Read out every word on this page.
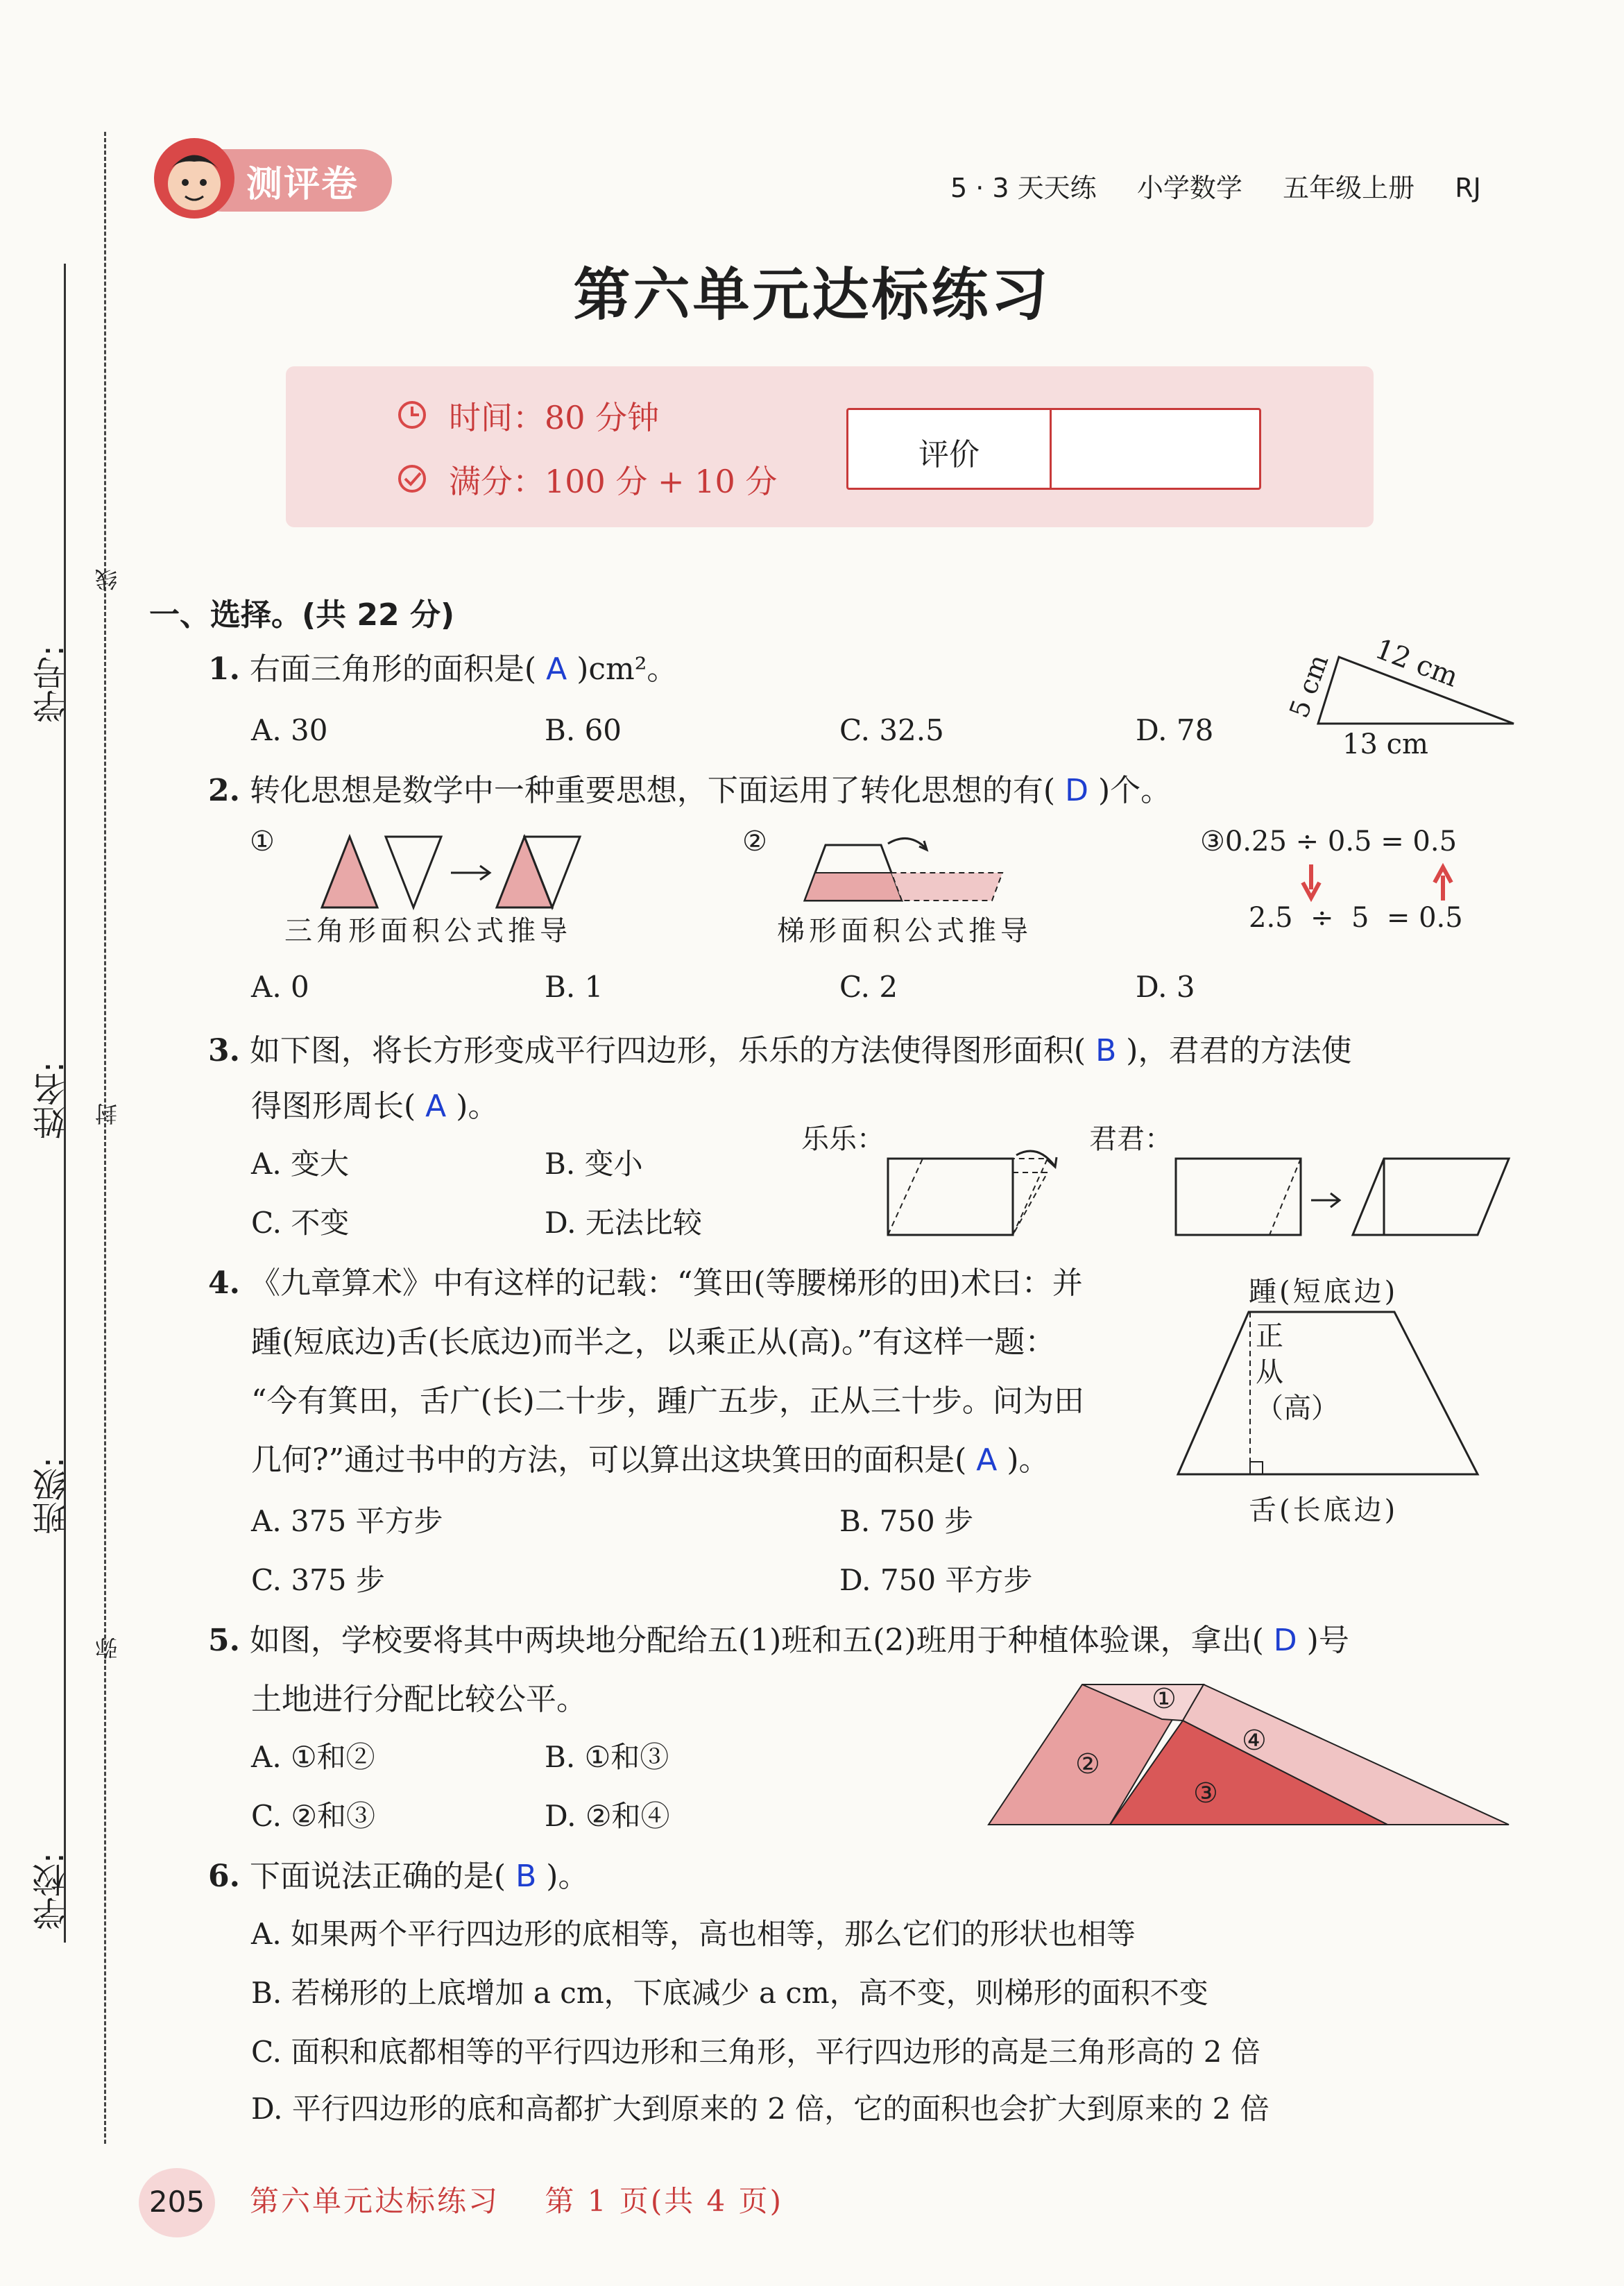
线
封
弥
学号:
姓名:
班级:
学校:
测评卷	5 · 3 天天练 小学数学 五年级上册 RJ
第六单元达标练习
时间：80 分钟
满分：100 分 + 10 分
评价
一、选择。(共 22 分)
1. 右面三角形的面积是( A )cm²。
A. 30	B. 60	C. 32.5	D. 78
5 cm 12 cm
13 cm
2. 转化思想是数学中一种重要思想，下面运用了转化思想的有( D )个。
①
三角形面积公式推导
②
梯形面积公式推导
③0.25 ÷ 0.5 = 0.5
2.5  ÷  5  = 0.5
A. 0	B. 1	C. 2	D. 3
3. 如下图，将长方形变成平行四边形，乐乐的方法使得图形面积( B )，君君的方法使
得图形周长( A )。
A. 变大	B. 变小
C. 不变	D. 无法比较
乐乐：	君君：
4. 《九章算术》中有这样的记载：“箕田(等腰梯形的田)术曰：并
踵(短底边)舌(长底边)而半之，以乘正从(高)。”有这样一题：
“今有箕田，舌广(长)二十步，踵广五步，正从三十步。问为田
几何?”通过书中的方法，可以算出这块箕田的面积是( A )。
A. 375 平方步	B. 750 步
C. 375 步	D. 750 平方步
踵(短底边)
正从（高）
舌(长底边)
5. 如图，学校要将其中两块地分配给五(1)班和五(2)班用于种植体验课，拿出( D )号
土地进行分配比较公平。
A. ①和②	B. ①和③
C. ②和③	D. ②和④
①
②
③
④
6. 下面说法正确的是( B )。
A. 如果两个平行四边形的底相等，高也相等，那么它们的形状也相等
B. 若梯形的上底增加 a cm，下底减少 a cm，高不变，则梯形的面积不变
C. 面积和底都相等的平行四边形和三角形，平行四边形的高是三角形高的 2 倍
D. 平行四边形的底和高都扩大到原来的 2 倍，它的面积也会扩大到原来的 2 倍
205	第六单元达标练习    第 1 页(共 4 页)
